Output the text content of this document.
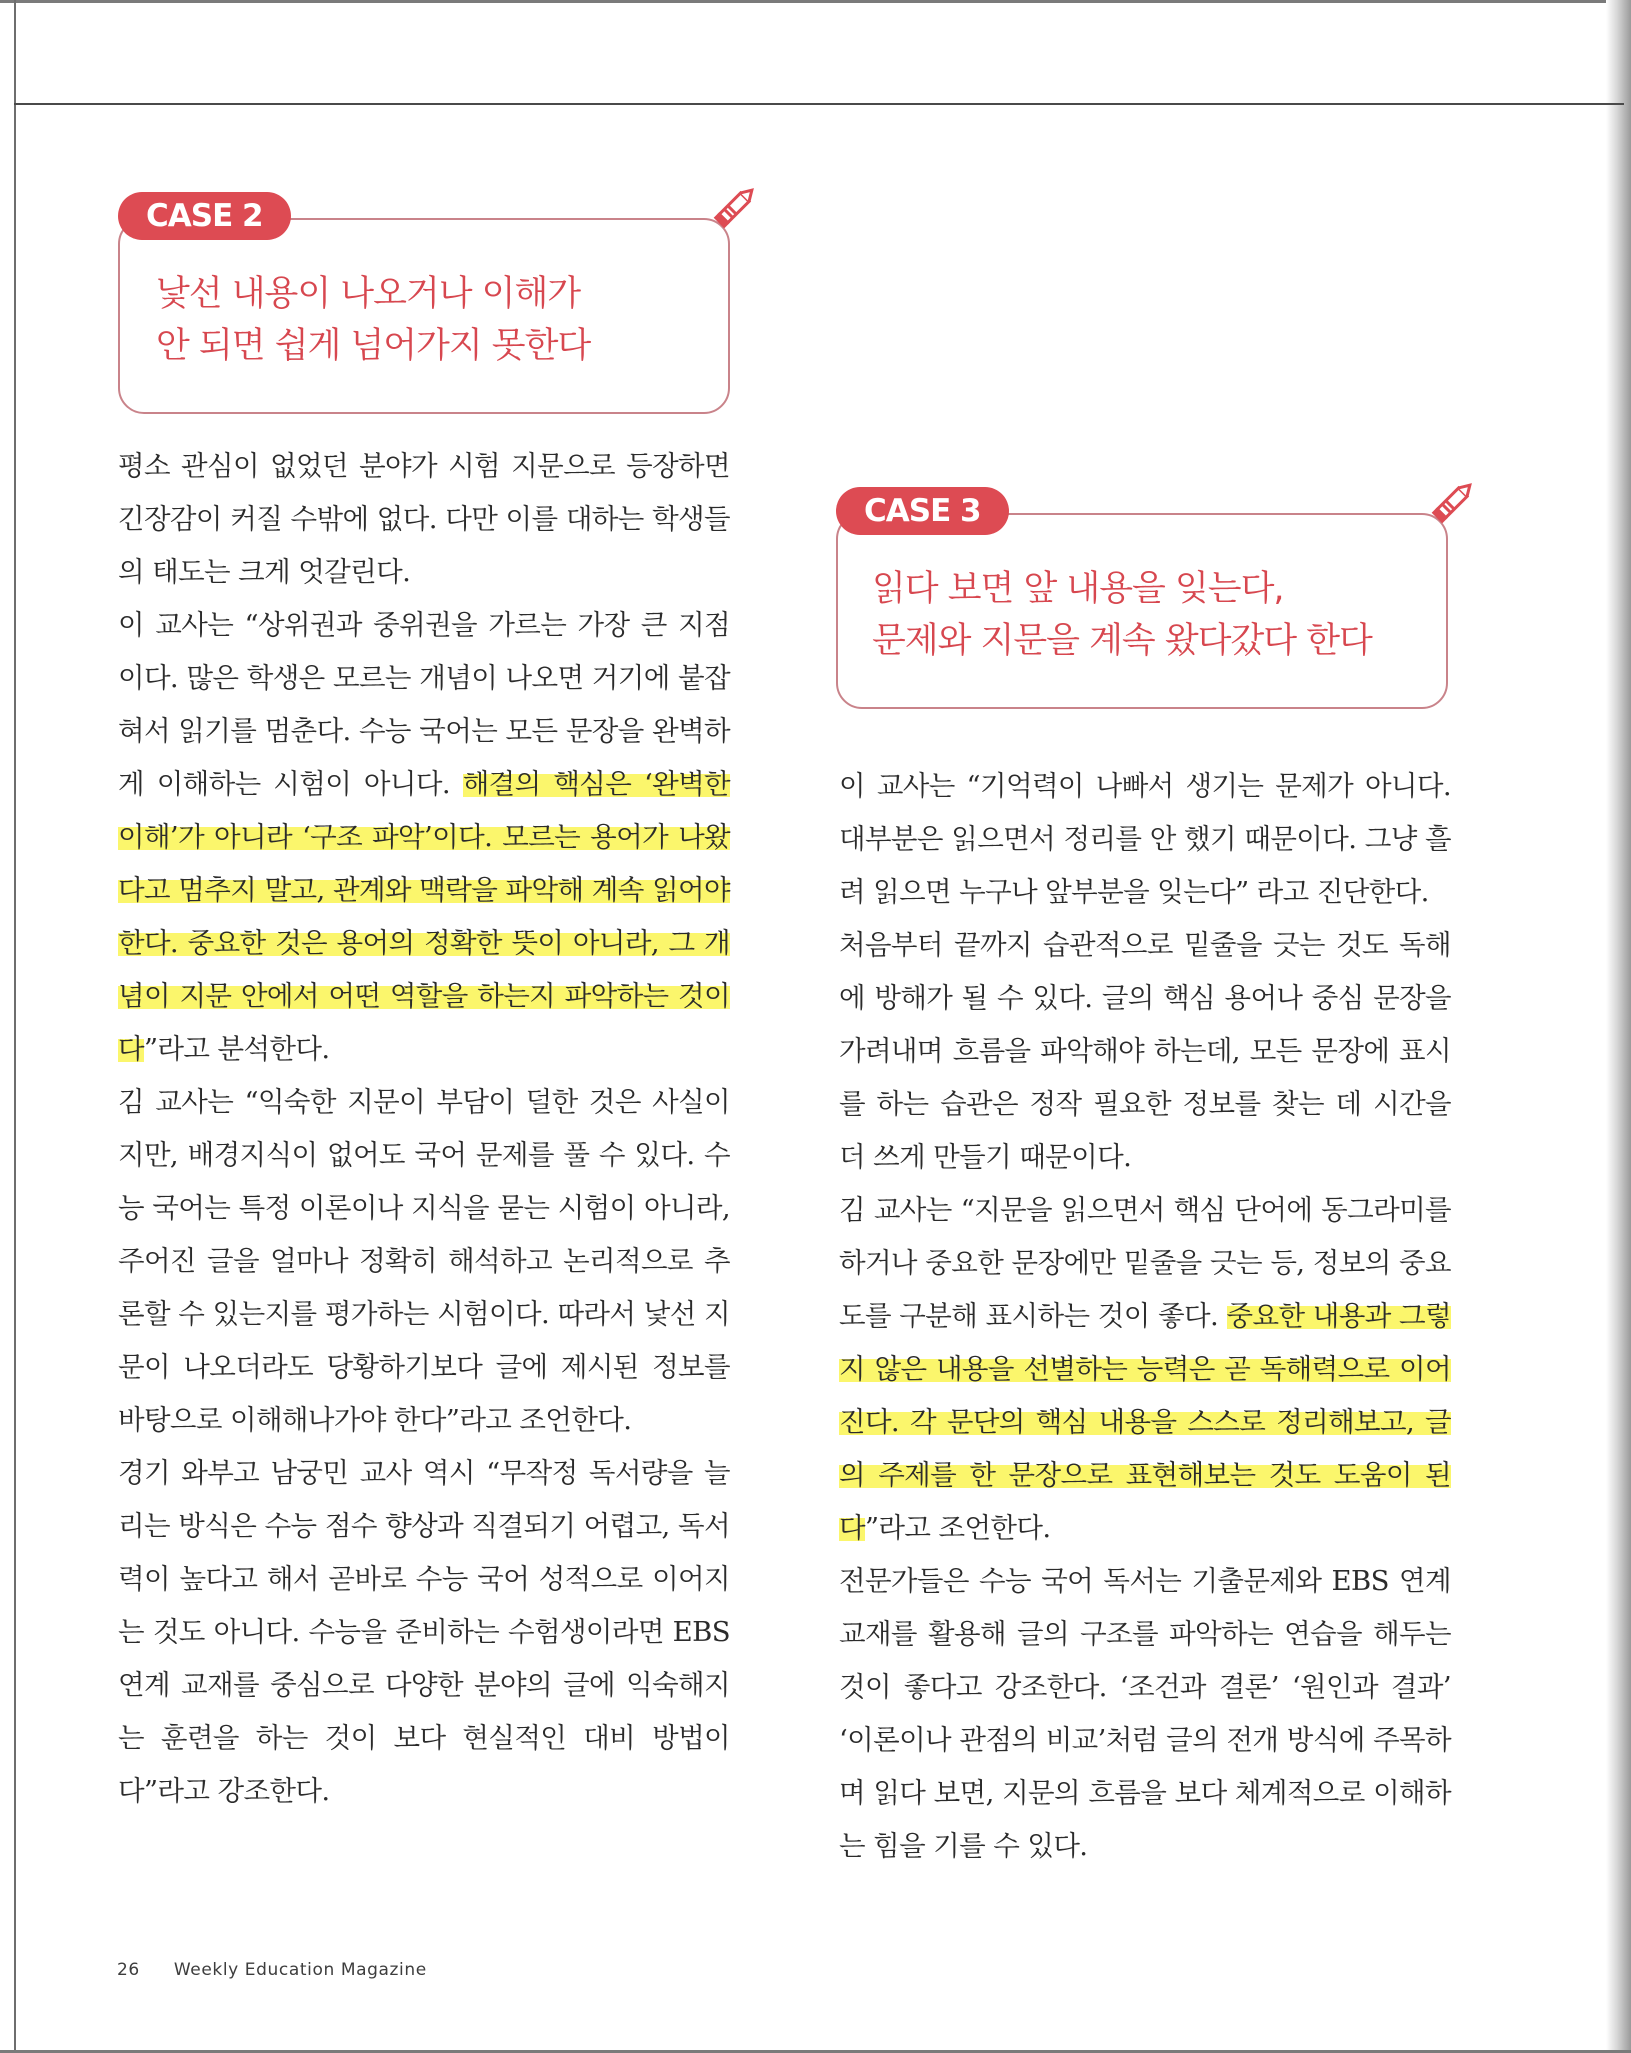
CASE 2
낯선 내용이 나오거나 이해가
안 되면 쉽게 넘어가지 못한다
CASE 3
읽다 보면 앞 내용을 잊는다,
문제와 지문을 계속 왔다갔다 한다

평소 관심이 없었던 분야가 시험 지문으로 등장하면 긴장감이 커질 수밖에 없다. 다만 이를 대하는 학생들의 태도는 크게 엇갈린다.

이 교사는 “상위권과 중위권을 가르는 가장 큰 지점이다. 많은 학생은 모르는 개념이 나오면 거기에 붙잡혀서 읽기를 멈춘다. 수능 국어는 모든 문장을 완벽하게 이해하는 시험이 아니다. 해결의 핵심은 ‘완벽한 이해’가 아니라 ‘구조 파악’이다. 모르는 용어가 나왔다고 멈추지 말고, 관계와 맥락을 파악해 계속 읽어야 한다. 중요한 것은 용어의 정확한 뜻이 아니라, 그 개념이 지문 안에서 어떤 역할을 하는지 파악하는 것이다”라고 분석한다.

김 교사는 “익숙한 지문이 부담이 덜한 것은 사실이지만, 배경지식이 없어도 국어 문제를 풀 수 있다. 수능 국어는 특정 이론이나 지식을 묻는 시험이 아니라, 주어진 글을 얼마나 정확히 해석하고 논리적으로 추론할 수 있는지를 평가하는 시험이다. 따라서 낯선 지문이 나오더라도 당황하기보다 글에 제시된 정보를 바탕으로 이해해나가야 한다”라고 조언한다.

경기 와부고 남궁민 교사 역시 “무작정 독서량을 늘리는 방식은 수능 점수 향상과 직결되기 어렵고, 독서력이 높다고 해서 곧바로 수능 국어 성적으로 이어지는 것도 아니다. 수능을 준비하는 수험생이라면 EBS 연계 교재를 중심으로 다양한 분야의 글에 익숙해지는 훈련을 하는 것이 보다 현실적인 대비 방법이다”라고 강조한다.

이 교사는 “기억력이 나빠서 생기는 문제가 아니다. 대부분은 읽으면서 정리를 안 했기 때문이다. 그냥 흘려 읽으면 누구나 앞부분을 잊는다” 라고 진단한다.

처음부터 끝까지 습관적으로 밑줄을 긋는 것도 독해에 방해가 될 수 있다. 글의 핵심 용어나 중심 문장을 가려내며 흐름을 파악해야 하는데, 모든 문장에 표시를 하는 습관은 정작 필요한 정보를 찾는 데 시간을 더 쓰게 만들기 때문이다.

김 교사는 “지문을 읽으면서 핵심 단어에 동그라미를 하거나 중요한 문장에만 밑줄을 긋는 등, 정보의 중요도를 구분해 표시하는 것이 좋다. 중요한 내용과 그렇지 않은 내용을 선별하는 능력은 곧 독해력으로 이어진다. 각 문단의 핵심 내용을 스스로 정리해보고, 글의 주제를 한 문장으로 표현해보는 것도 도움이 된다”라고 조언한다.

전문가들은 수능 국어 독서는 기출문제와 EBS 연계 교재를 활용해 글의 구조를 파악하는 연습을 해두는 것이 좋다고 강조한다. ‘조건과 결론’ ‘원인과 결과’ ‘이론이나 관점의 비교’처럼 글의 전개 방식에 주목하며 읽다 보면, 지문의 흐름을 보다 체계적으로 이해하는 힘을 기를 수 있다.

26 Weekly Education Magazine
